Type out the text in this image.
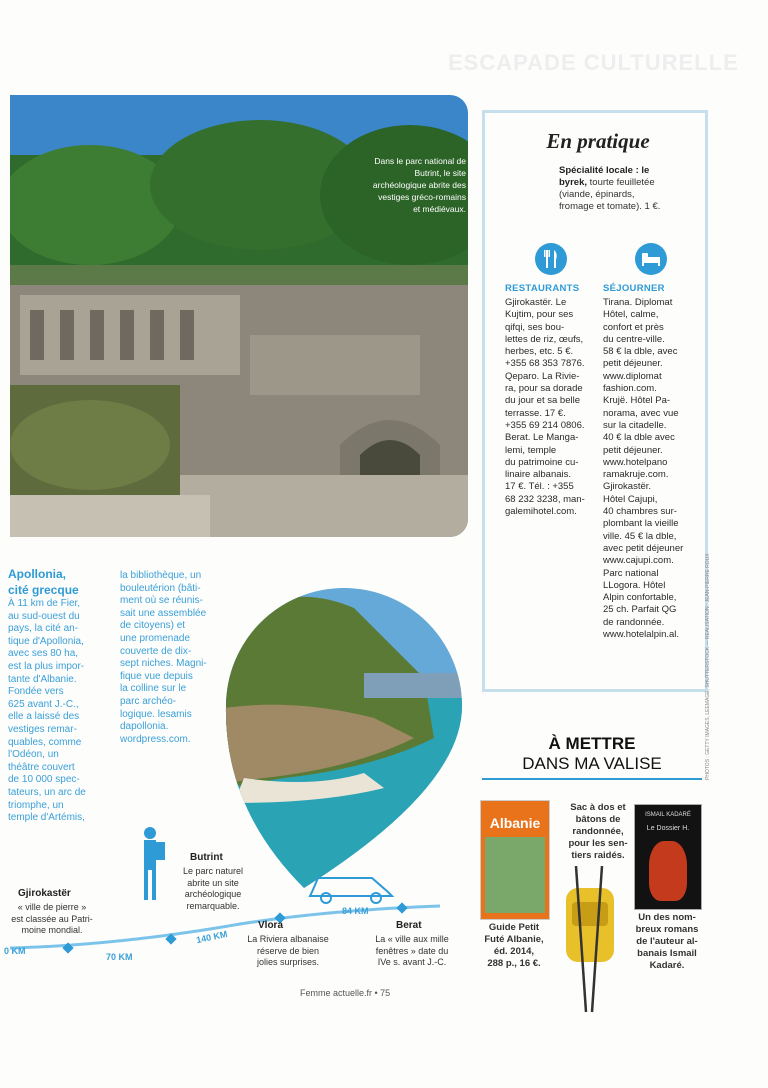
ESCAPADE CULTURELLE
Dans le parc national de Butrint, le site archéologique abrite des vestiges gréco-romains et médiévaux.
En pratique
Spécialité locale : le byrek, tourte feuilletée (viande, épinards, fromage et tomate). 1 €.
RESTAURANTS
Gjirokastër. Le
Kujtim, pour ses
qifqi, ses bou-
lettes de riz, œufs,
herbes, etc. 5 €.
+355 68 353 7876.
Qeparo. La Rivie-
ra, pour sa dorade
du jour et sa belle
terrasse. 17 €.
+355 69 214 0806.
Berat. Le Manga-
lemi, temple
du patrimoine cu-
linaire albanais.
17 €. Tél. : +355
68 232 3238, man-
galemihotel.com.
SÉJOURNER
Tirana. Diplomat
Hôtel, calme,
confort et près
du centre-ville.
58 € la dble, avec
petit déjeuner.
www.diplomat
fashion.com.
Krujë. Hôtel Pa-
norama, avec vue
sur la citadelle.
40 € la dble avec
petit déjeuner.
www.hotelpano
ramakruje.com.
Gjirokastër.
Hôtel Cajupi,
40 chambres sur-
plombant la vieille
ville. 45 € la dble,
avec petit déjeuner
www.cajupi.com.
Parc national
LLogora. Hôtel
Alpin confortable,
25 ch. Parfait QG
de randonnée.
www.hotelalpin.al.
Apollonia,
cité grecque
À 11 km de Fier,
au sud-ouest du
pays, la cité an-
tique d'Apollonia,
avec ses 80 ha,
est la plus impor-
tante d'Albanie.
Fondée vers
625 avant J.-C.,
elle a laissé des
vestiges remar-
quables, comme
l'Odéon, un
théâtre couvert
de 10 000 spec-
tateurs, un arc de
triomphe, un
temple d'Artémis,
la bibliothèque, un
bouleutérion (bâti-
ment où se réunis-
sait une assemblée
de citoyens) et
une promenade
couverte de dix-
sept niches. Magni-
fique vue depuis
la colline sur le
parc archéo-
logique. lesamis
dapollonia.
wordpress.com.
Gjirokastër
« ville de pierre »
est classée au Patri-
moine mondial.
Butrint
Le parc naturel
abrite un site
archéologique
remarquable.
Vlora
La Riviera albanaise
réserve de bien
jolies surprises.
Berat
La « ville aux mille
fenêtres » date du
IVe s. avant J.-C.
0 KM
70 KM
140 KM
84 KM
À METTRE
DANS MA VALISE
Albanie
Guide Petit
Futé Albanie,
éd. 2014,
288 p., 16 €.
Sac à dos et
bâtons de
randonnée,
pour les sen-
tiers raidés.
ISMAIL KADARÉ
Le Dossier H.
Un des nom-
breux romans
de l'auteur al-
banais Ismail
Kadaré.
Femme actuelle.fr • 75
PHOTOS : GETTY IMAGES, LEEMAGE, SHUTTERSTOCK — REALISATION : JEAN-PIERRE ROUX
